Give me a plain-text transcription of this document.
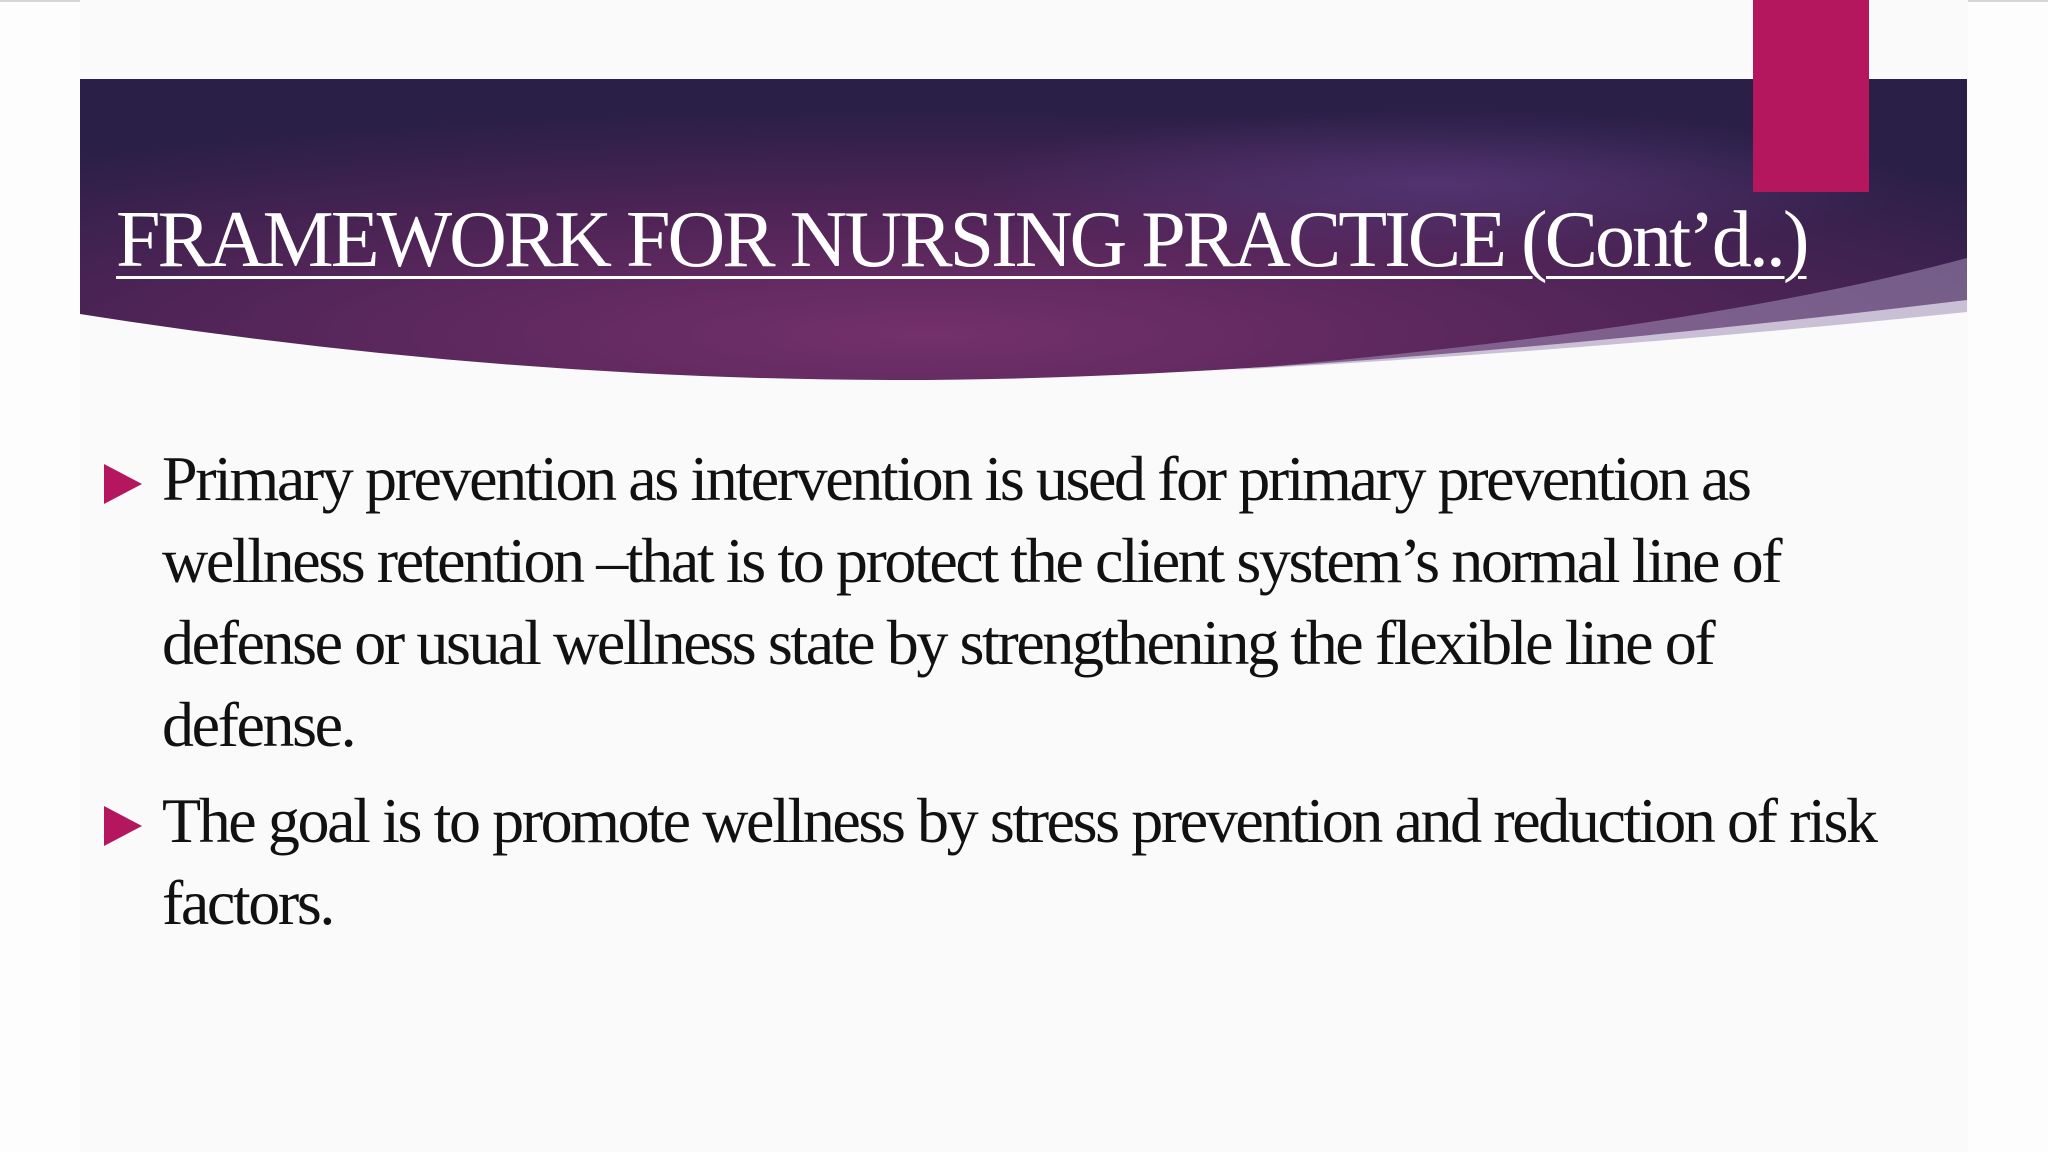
FRAMEWORK FOR NURSING PRACTICE (Cont’d..)
Primary prevention as intervention is used for primary prevention as wellness retention –that is to protect the client system’s normal line of defense or usual wellness state by strengthening the flexible line of defense.
The goal is to promote wellness by stress prevention and reduction of risk factors.
